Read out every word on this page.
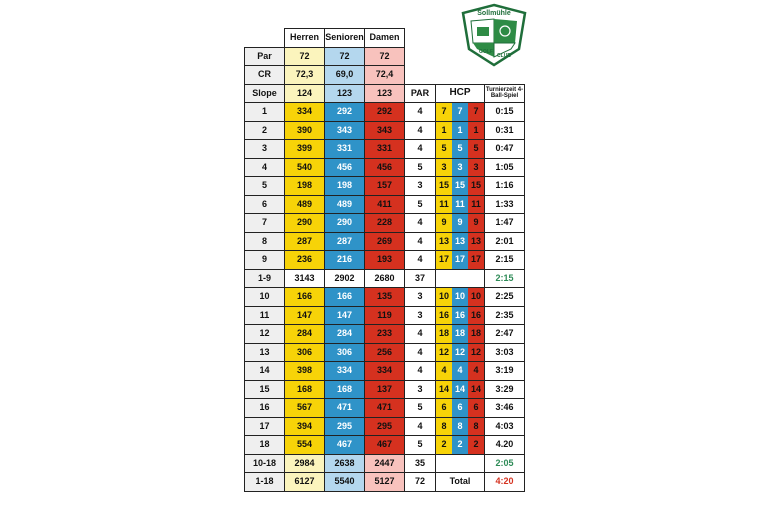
Sollmühle
GOLF
CLUB
	Herren	Senioren	Damen			
Par	72	72	72			
CR	72,3	69,0	72,4			
Slope	124	123	123	PAR	HCP	Turnierzeit 4-Ball-Spiel
1	334	292	292	4	7 7 7	0:15
2	390	343	343	4	1 1 1	0:31
3	399	331	331	4	5 5 5	0:47
4	540	456	456	5	3 3 3	1:05
5	198	198	157	3	15 15 15	1:16
6	489	489	411	5	11 11 11	1:33
7	290	290	228	4	9 9 9	1:47
8	287	287	269	4	13 13 13	2:01
9	236	216	193	4	17 17 17	2:15
1-9	3143	2902	2680	37		2:15
10	166	166	135	3	10 10 10	2:25
11	147	147	119	3	16 16 16	2:35
12	284	284	233	4	18 18 18	2:47
13	306	306	256	4	12 12 12	3:03
14	398	334	334	4	4 4 4	3:19
15	168	168	137	3	14 14 14	3:29
16	567	471	471	5	6 6 6	3:46
17	394	295	295	4	8 8 8	4:03
18	554	467	467	5	2 2 2	4.20
10-18	2984	2638	2447	35		2:05
1-18	6127	5540	5127	72	Total	4:20
